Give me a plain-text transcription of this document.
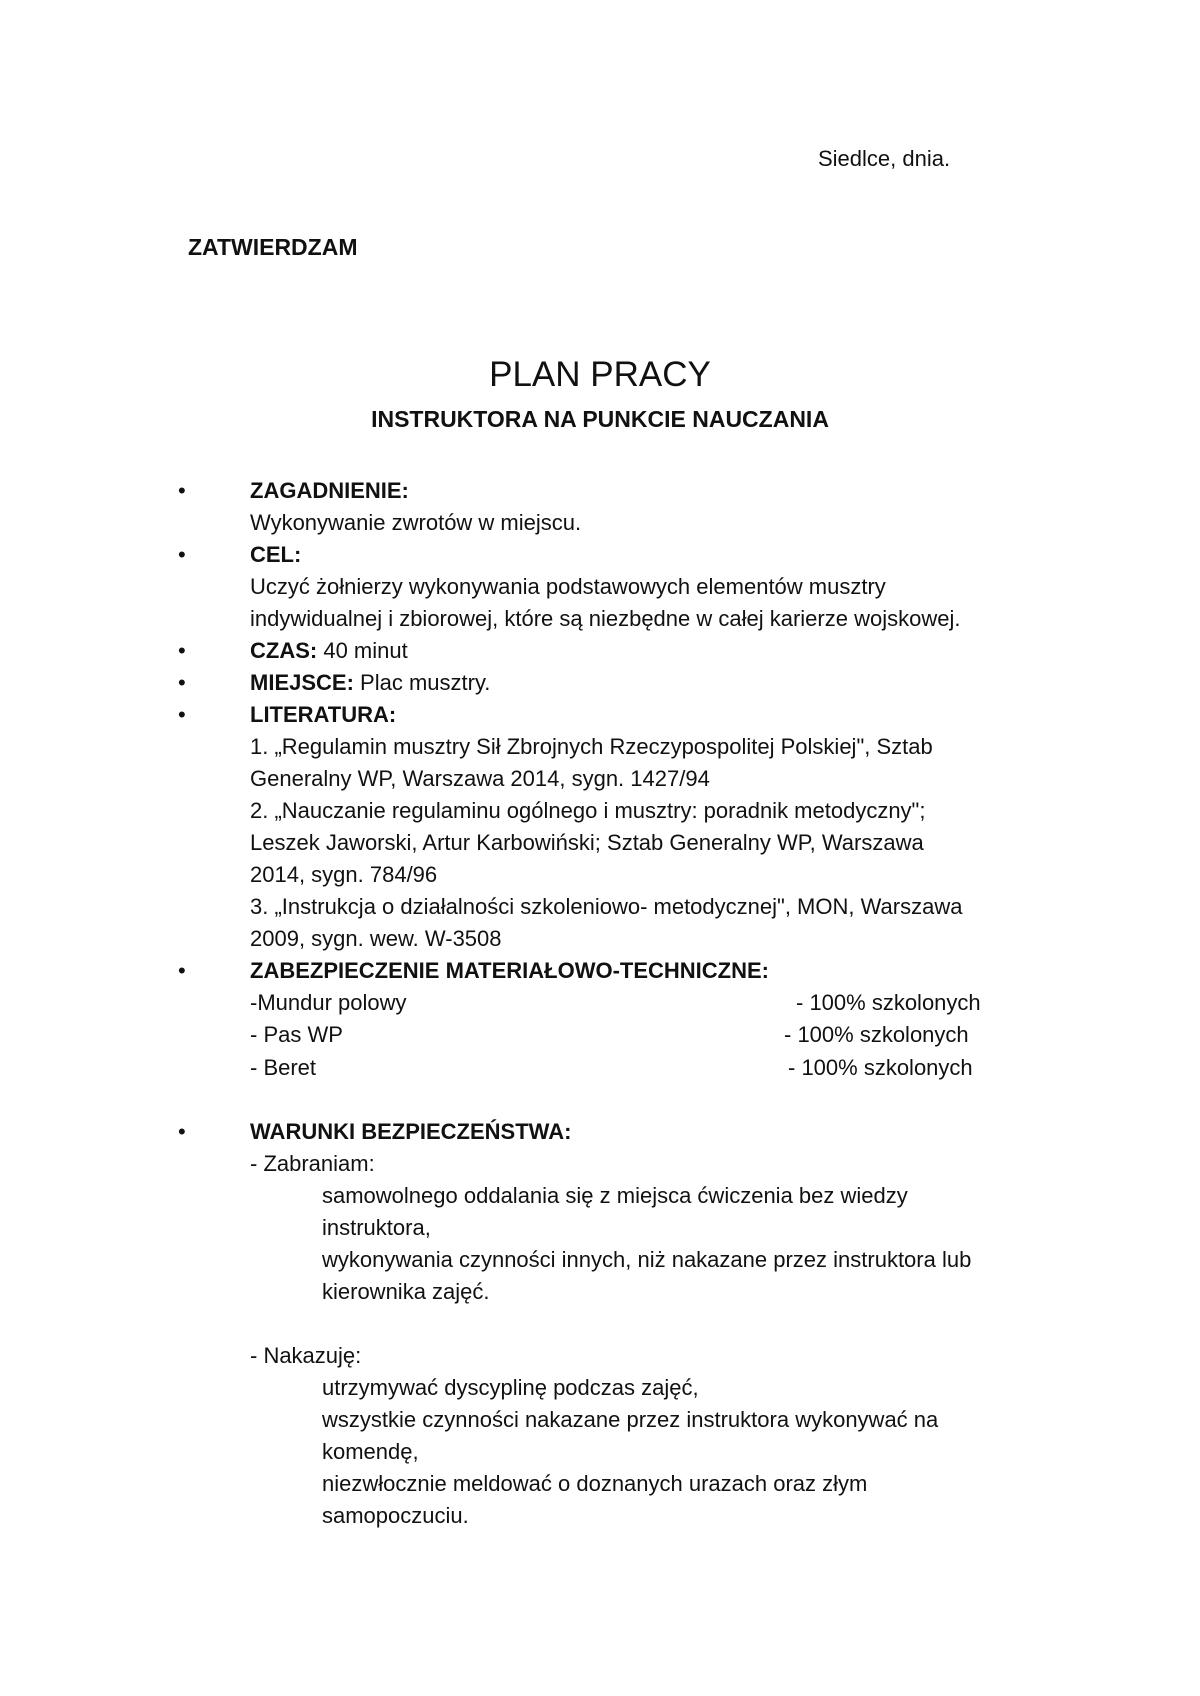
Siedlce, dnia.
ZATWIERDZAM
PLAN PRACY
INSTRUKTORA NA PUNKCIE NAUCZANIA
•	ZAGADNIENIE:
Wykonywanie zwrotów w miejscu.
•	CEL:
Uczyć żołnierzy wykonywania podstawowych elementów musztry
indywidualnej i zbiorowej, które są niezbędne w całej karierze wojskowej.
•	CZAS: 40 minut
•	MIEJSCE: Plac musztry.
•	LITERATURA:
1. „Regulamin musztry Sił Zbrojnych Rzeczypospolitej Polskiej", Sztab
Generalny WP, Warszawa 2014, sygn. 1427/94
2. „Nauczanie regulaminu ogólnego i musztry: poradnik metodyczny";
Leszek Jaworski, Artur Karbowiński; Sztab Generalny WP, Warszawa
2014, sygn. 784/96
3. „Instrukcja o działalności szkoleniowo- metodycznej", MON, Warszawa
2009, sygn. wew. W-3508
•	ZABEZPIECZENIE MATERIAŁOWO-TECHNICZNE:
-Mundur polowy	- 100% szkolonych
- Pas WP	- 100% szkolonych
- Beret	- 100% szkolonych
•	WARUNKI BEZPIECZEŃSTWA:
- Zabraniam:
samowolnego oddalania się z miejsca ćwiczenia bez wiedzy
instruktora,
wykonywania czynności innych, niż nakazane przez instruktora lub
kierownika zajęć.
- Nakazuję:
utrzymywać dyscyplinę podczas zajęć,
wszystkie czynności nakazane przez instruktora wykonywać na
komendę,
niezwłocznie meldować o doznanych urazach oraz złym
samopoczuciu.
